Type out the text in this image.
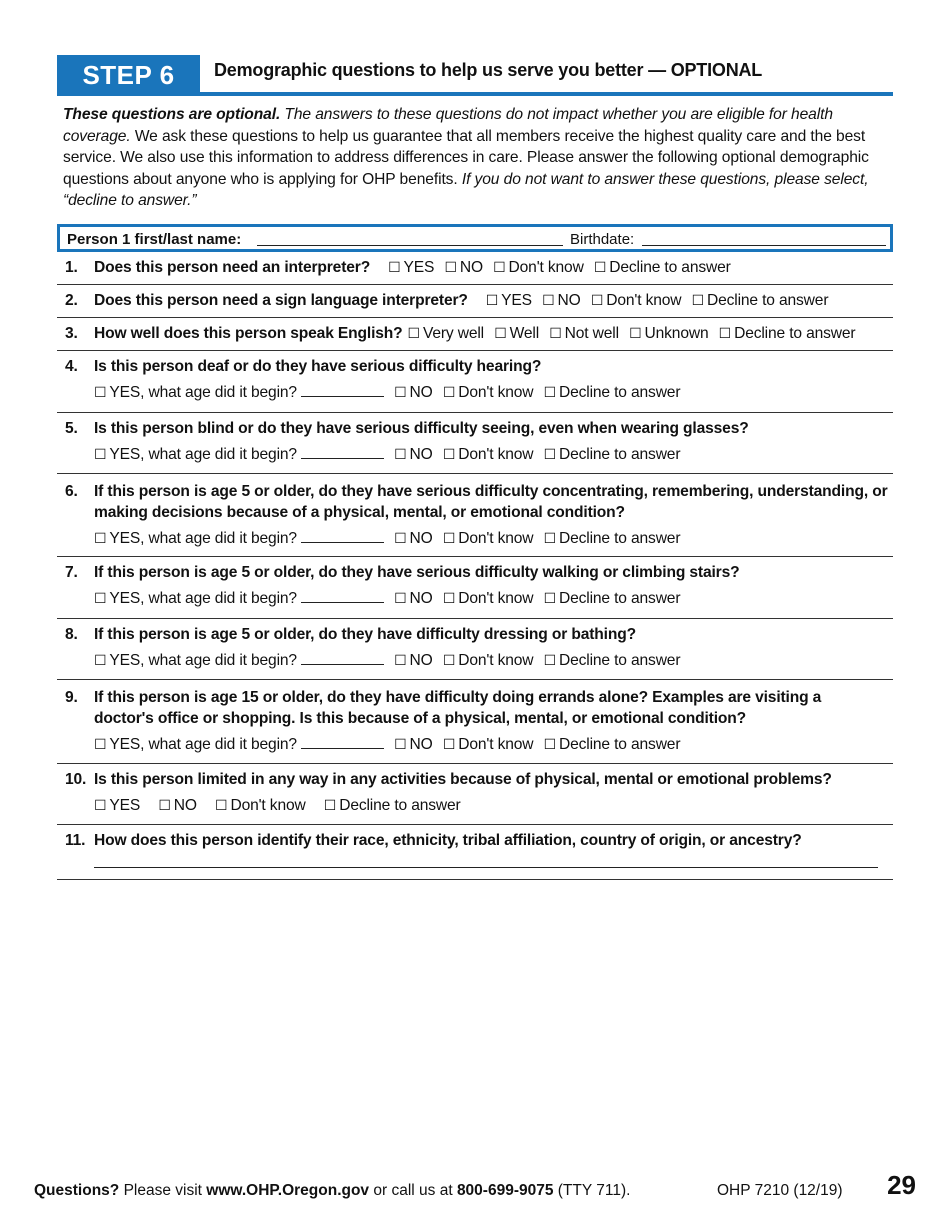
STEP 6	Demographic questions to help us serve you better — OPTIONAL
These questions are optional. The answers to these questions do not impact whether you are eligible for health coverage. We ask these questions to help us guarantee that all members receive the highest quality care and the best service. We also use this information to address differences in care. Please answer the following optional demographic questions about anyone who is applying for OHP benefits. If you do not want to answer these questions, please select, “decline to answer.”
Person 1 first/last name:	Birthdate:
1.	Does this person need an interpreter? ☐ YES ☐ NO ☐ Don't know ☐ Decline to answer
2.	Does this person need a sign language interpreter? ☐ YES ☐ NO ☐ Don't know ☐ Decline to answer
3.	How well does this person speak English? ☐ Very well ☐ Well ☐ Not well ☐ Unknown ☐ Decline to answer
4.	Is this person deaf or do they have serious difficulty hearing?
☐ YES, what age did it begin?	☐ NO ☐ Don't know ☐ Decline to answer
5.	Is this person blind or do they have serious difficulty seeing, even when wearing glasses?
☐ YES, what age did it begin?	☐ NO ☐ Don't know ☐ Decline to answer
6.	If this person is age 5 or older, do they have serious difficulty concentrating, remembering, understanding, or making decisions because of a physical, mental, or emotional condition?
☐ YES, what age did it begin?	☐ NO ☐ Don't know ☐ Decline to answer
7.	If this person is age 5 or older, do they have serious difficulty walking or climbing stairs?
☐ YES, what age did it begin?	☐ NO ☐ Don't know ☐ Decline to answer
8.	If this person is age 5 or older, do they have difficulty dressing or bathing?
☐ YES, what age did it begin?	☐ NO ☐ Don't know ☐ Decline to answer
9.	If this person is age 15 or older, do they have difficulty doing errands alone? Examples are visiting a doctor's office or shopping. Is this because of a physical, mental, or emotional condition?
☐ YES, what age did it begin?	☐ NO ☐ Don't know ☐ Decline to answer
10. Is this person limited in any way in any activities because of physical, mental or emotional problems?
☐ YES ☐ NO ☐ Don't know ☐ Decline to answer
11. How does this person identify their race, ethnicity, tribal affiliation, country of origin, or ancestry?
Questions? Please visit www.OHP.Oregon.gov or call us at 800-699-9075 (TTY 711).	OHP 7210 (12/19) 29
